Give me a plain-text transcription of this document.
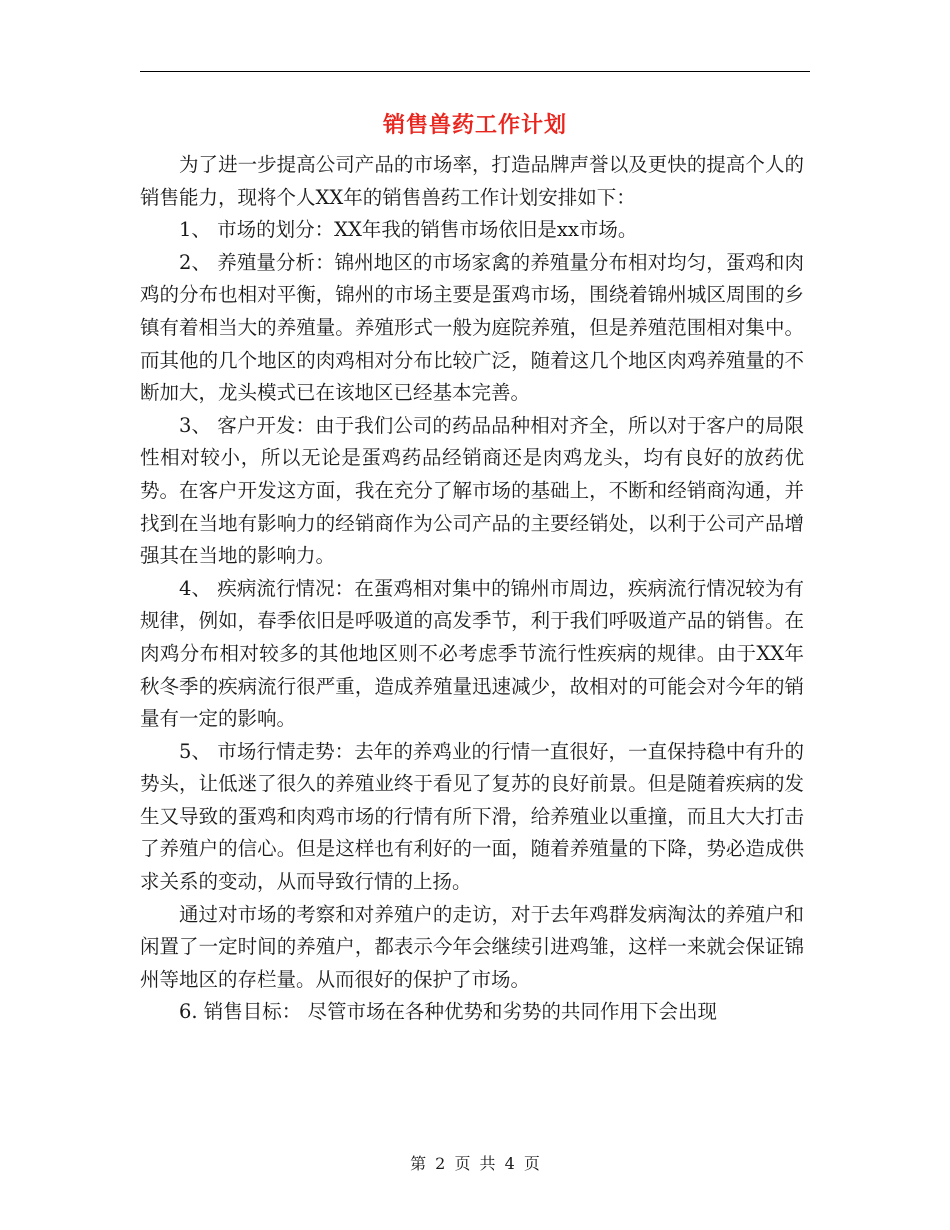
销售兽药工作计划

为了进一步提高公司产品的市场率，打造品牌声誉以及更快的提高个人的销售能力，现将个人XX年的销售兽药工作计划安排如下：

1、 市场的划分：XX年我的销售市场依旧是xx市场。

2、 养殖量分析：锦州地区的市场家禽的养殖量分布相对均匀，蛋鸡和肉鸡的分布也相对平衡，锦州的市场主要是蛋鸡市场，围绕着锦州城区周围的乡镇有着相当大的养殖量。养殖形式一般为庭院养殖，但是养殖范围相对集中。而其他的几个地区的肉鸡相对分布比较广泛，随着这几个地区肉鸡养殖量的不断加大，龙头模式已在该地区已经基本完善。

3、 客户开发：由于我们公司的药品品种相对齐全，所以对于客户的局限性相对较小，所以无论是蛋鸡药品经销商还是肉鸡龙头，均有良好的放药优势。在客户开发这方面，我在充分了解市场的基础上，不断和经销商沟通，并找到在当地有影响力的经销商作为公司产品的主要经销处，以利于公司产品增强其在当地的影响力。

4、 疾病流行情况：在蛋鸡相对集中的锦州市周边，疾病流行情况较为有规律，例如，春季依旧是呼吸道的高发季节，利于我们呼吸道产品的销售。在肉鸡分布相对较多的其他地区则不必考虑季节流行性疾病的规律。由于XX年秋冬季的疾病流行很严重，造成养殖量迅速减少，故相对的可能会对今年的销量有一定的影响。

5、 市场行情走势：去年的养鸡业的行情一直很好，一直保持稳中有升的势头，让低迷了很久的养殖业终于看见了复苏的良好前景。但是随着疾病的发生又导致的蛋鸡和肉鸡市场的行情有所下滑，给养殖业以重撞，而且大大打击了养殖户的信心。但是这样也有利好的一面，随着养殖量的下降，势必造成供求关系的变动，从而导致行情的上扬。

通过对市场的考察和对养殖户的走访，对于去年鸡群发病淘汰的养殖户和闲置了一定时间的养殖户，都表示今年会继续引进鸡雏，这样一来就会保证锦州等地区的存栏量。从而很好的保护了市场。

6. 销售目标： 尽管市场在各种优势和劣势的共同作用下会出现

第 2 页 共 4 页
